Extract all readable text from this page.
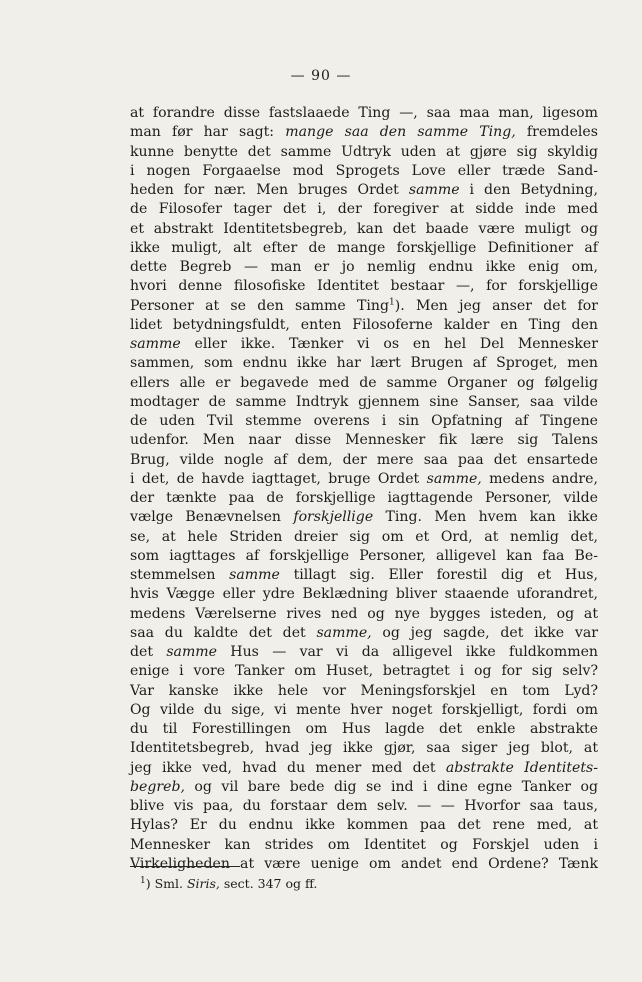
— 90 —
at forandre disse fastslaaede Ting —, saa maa man, ligesom
man før har sagt: mange saa den samme Ting, fremdeles
kunne benytte det samme Udtryk uden at gjøre sig skyldig
i nogen Forgaaelse mod Sprogets Love eller træde Sand-
heden for nær. Men bruges Ordet samme i den Betydning,
de Filosofer tager det i, der foregiver at sidde inde med
et abstrakt Identitetsbegreb, kan det baade være muligt og
ikke muligt, alt efter de mange forskjellige Definitioner af
dette Begreb — man er jo nemlig endnu ikke enig om,
hvori denne filosofiske Identitet bestaar —, for forskjellige
Personer at se den samme Ting$^1$). Men jeg anser det for
lidet betydningsfuldt, enten Filosoferne kalder en Ting den
samme eller ikke. Tænker vi os en hel Del Mennesker
sammen, som endnu ikke har lært Brugen af Sproget, men
ellers alle er begavede med de samme Organer og følgelig
modtager de samme Indtryk gjennem sine Sanser, saa vilde
de uden Tvil stemme overens i sin Opfatning af Tingene
udenfor. Men naar disse Mennesker fik lære sig Talens
Brug, vilde nogle af dem, der mere saa paa det ensartede
i det, de havde iagttaget, bruge Ordet samme, medens andre,
der tænkte paa de forskjellige iagttagende Personer, vilde
vælge Benævnelsen forskjellige Ting. Men hvem kan ikke
se, at hele Striden dreier sig om et Ord, at nemlig det,
som iagttages af forskjellige Personer, alligevel kan faa Be-
stemmelsen samme tillagt sig. Eller forestil dig et Hus,
hvis Vægge eller ydre Beklædning bliver staaende uforandret,
medens Værelserne rives ned og nye bygges isteden, og at
saa du kaldte det det samme, og jeg sagde, det ikke var
det samme Hus — var vi da alligevel ikke fuldkommen
enige i vore Tanker om Huset, betragtet i og for sig selv?
Var kanske ikke hele vor Meningsforskjel en tom Lyd?
Og vilde du sige, vi mente hver noget forskjelligt, fordi om
du til Forestillingen om Hus lagde det enkle abstrakte
Identitetsbegreb, hvad jeg ikke gjør, saa siger jeg blot, at
jeg ikke ved, hvad du mener med det abstrakte Identitets-
begreb, og vil bare bede dig se ind i dine egne Tanker og
blive vis paa, du forstaar dem selv. — — Hvorfor saa taus,
Hylas? Er du endnu ikke kommen paa det rene med, at
Mennesker kan strides om Identitet og Forskjel uden i
Virkeligheden at være uenige om andet end Ordene? Tænk
$^1$) Sml. Siris, sect. 347 og ff.
